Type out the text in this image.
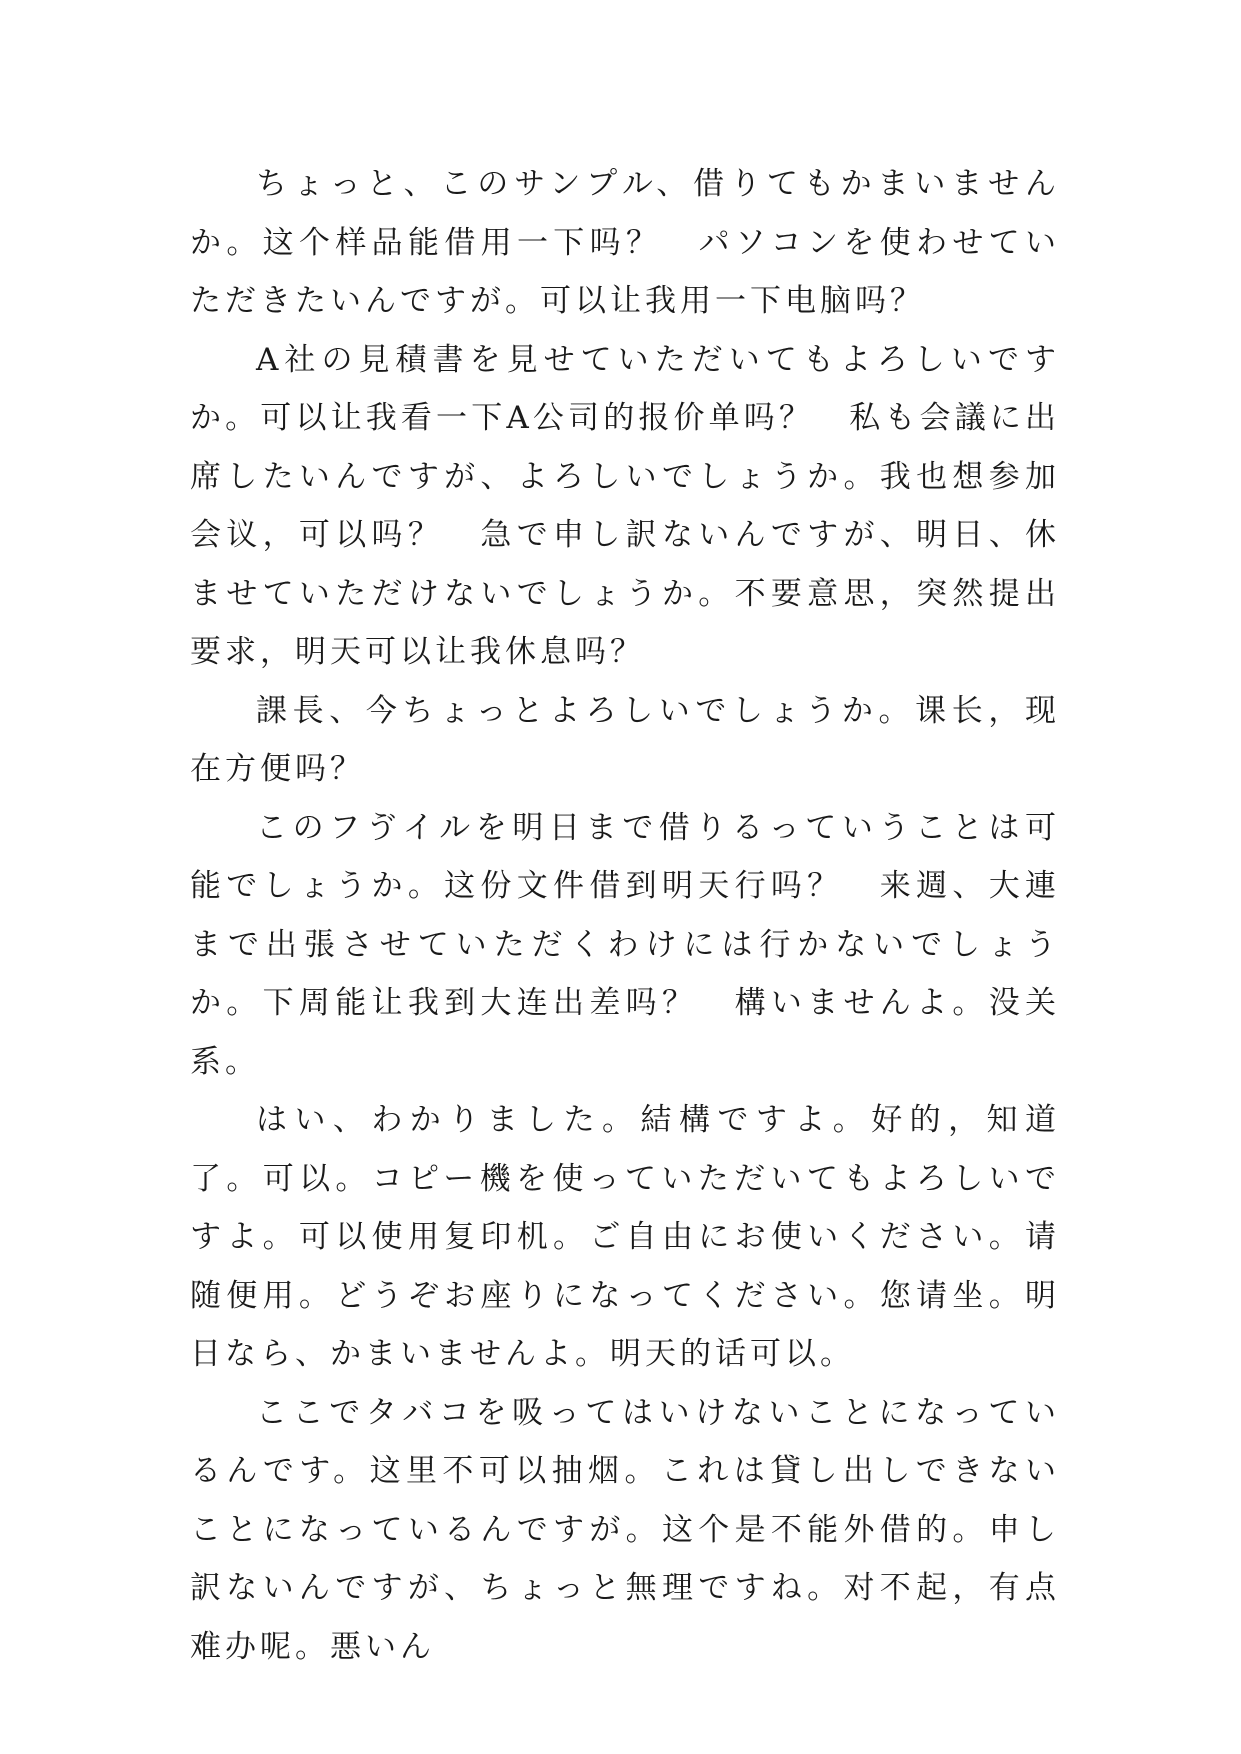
ちょっと、このサンプル、借りてもかまいませんか。这个样品能借用一下吗？　パソコンを使わせていただきたいんですが。可以让我用一下电脑吗？

A社の見積書を見せていただいてもよろしいですか。可以让我看一下A公司的报价单吗？　私も会議に出席したいんですが、よろしいでしょうか。我也想参加会议，可以吗？　急で申し訳ないんですが、明日、休ませていただけないでしょうか。不要意思，突然提出要求，明天可以让我休息吗？

課長、今ちょっとよろしいでしょうか。课长，现在方便吗？

このフゔイルを明日まで借りるっていうことは可能でしょうか。这份文件借到明天行吗？　来週、大連まで出張させていただくわけには行かないでしょうか。下周能让我到大连出差吗？　構いませんよ。没关系。

はい、わかりました。結構ですよ。好的，知道了。可以。コピー機を使っていただいてもよろしいですよ。可以使用复印机。ご自由にお使いください。请随便用。どうぞお座りになってください。您请坐。明日なら、かまいませんよ。明天的话可以。

ここでタバコを吸ってはいけないことになっているんです。这里不可以抽烟。これは貸し出しできないことになっているんですが。这个是不能外借的。申し訳ないんですが、ちょっと無理ですね。对不起，有点难办呢。悪いん
